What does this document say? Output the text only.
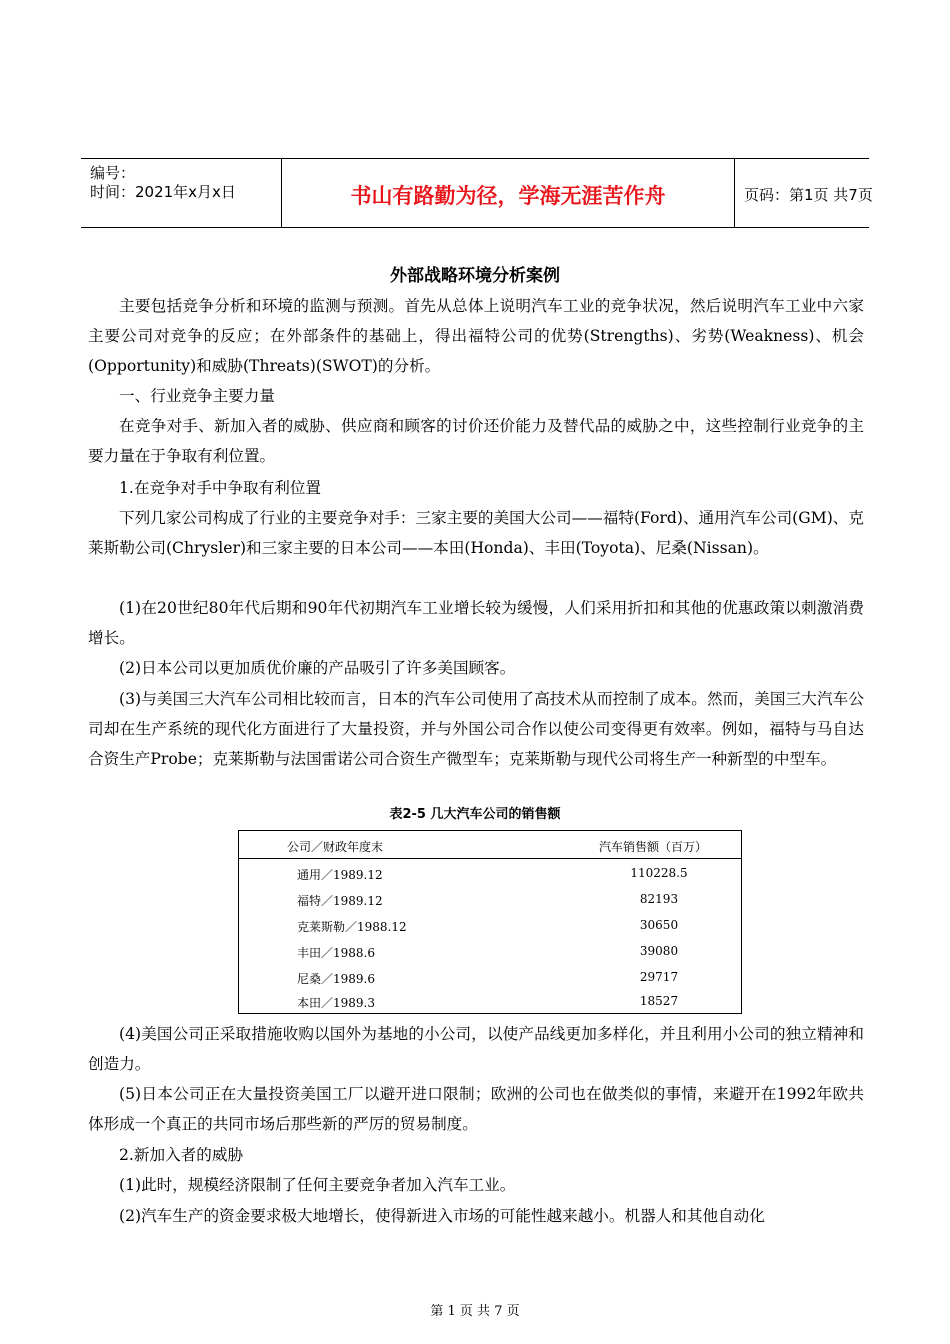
编号：
时间：2021年x月x日	书山有路勤为径，学海无涯苦作舟	页码：第1页 共7页
外部战略环境分析案例

主要包括竞争分析和环境的监测与预测。首先从总体上说明汽车工业的竞争状况，然后说明汽车工业中六家主要公司对竞争的反应；在外部条件的基础上，得出福特公司的优势(Strengths)、劣势(Weakness)、机会(Opportunity)和威胁(Threats)(SWOT)的分析。

一、行业竞争主要力量

在竞争对手、新加入者的威胁、供应商和顾客的讨价还价能力及替代品的威胁之中，这些控制行业竞争的主要力量在于争取有利位置。

1.在竞争对手中争取有利位置

下列几家公司构成了行业的主要竞争对手：三家主要的美国大公司——福特(Ford)、通用汽车公司(GM)、克莱斯勒公司(Chrysler)和三家主要的日本公司——本田(Honda)、丰田(Toyota)、尼桑(Nissan)。

(1)在20世纪80年代后期和90年代初期汽车工业增长较为缓慢，人们采用折扣和其他的优惠政策以刺激消费增长。

(2)日本公司以更加质优价廉的产品吸引了许多美国顾客。

(3)与美国三大汽车公司相比较而言，日本的汽车公司使用了高技术从而控制了成本。然而，美国三大汽车公司却在生产系统的现代化方面进行了大量投资，并与外国公司合作以使公司变得更有效率。例如，福特与马自达合资生产Probe；克莱斯勒与法国雷诺公司合资生产微型车；克莱斯勒与现代公司将生产一种新型的中型车。

表2-5 几大汽车公司的销售额
公司／财政年度末	汽车销售额（百万）
通用／1989.12	110228.5
福特／1989.12	82193
克莱斯勒／1988.12	30650
丰田／1988.6	39080
尼桑／1989.6	29717
本田／1989.3	18527

(4)美国公司正采取措施收购以国外为基地的小公司，以使产品线更加多样化，并且利用小公司的独立精神和创造力。

(5)日本公司正在大量投资美国工厂以避开进口限制；欧洲的公司也在做类似的事情，来避开在1992年欧共体形成一个真正的共同市场后那些新的严厉的贸易制度。

2.新加入者的威胁

(1)此时，规模经济限制了任何主要竞争者加入汽车工业。

(2)汽车生产的资金要求极大地增长，使得新进入市场的可能性越来越小。机器人和其他自动化

第 1 页 共 7 页
